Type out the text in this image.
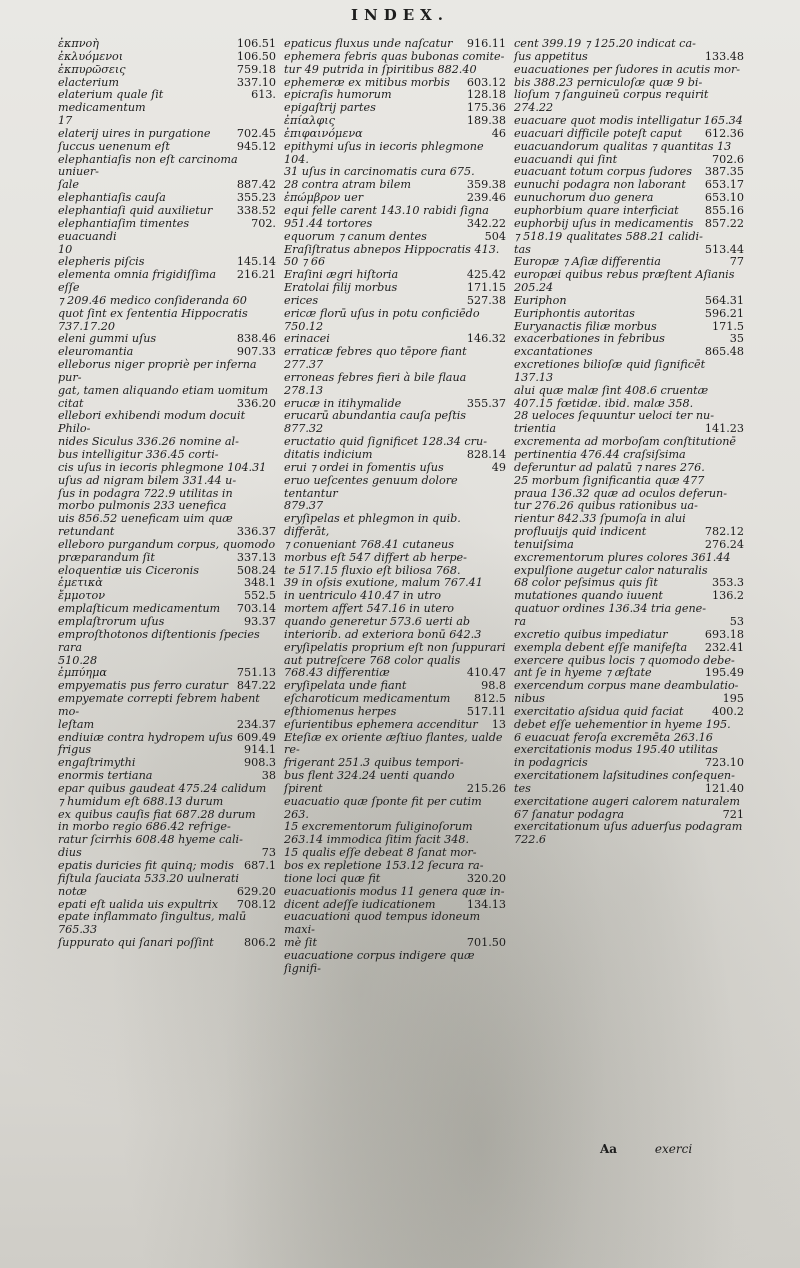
INDEX.
106.51
ἐκπνοὴ
106.50
ἐκλυόμενοι
759.18
ἐκπυρῶσεις
337.10
elacterium
613.
elaterium quale ſit medicamentum
17
702.45
elaterij uires in purgatione
945.12
ſuccus uenenum eſt
elephantiaſis non eſt carcinoma uniuer-
887.42
ſale
355.23
elephantiaſis cauſa
338.52
elephantiaſi quid auxilietur
702.
elephantiaſim timentes euacuandi
10
145.14
elepheris piſcis
216.21
elementa omnia frigidiſſima eſſe
⁊ 209.46 medico conſideranda 60
quot ſint ex ſententia Hippocratis
737.17.20
838.46
eleni gummi uſus
907.33
eleuromantia
elleborus niger propriè per inferna pur-
gat, tamen aliquando etiam uomitum
336.20
citat
ellebori exhibendi modum docuit Philo-
nides Siculus 336.26 nomine al-
bus intelligitur 336.45 corti-
cis uſus in iecoris phlegmone 104.31
uſus ad nigram bilem 331.44 u-
ſus in podagra 722.9 utilitas in
morbo pulmonis 233 uenefica
uis 856.52 ueneficam uim quæ
336.37
retundant
elleboro purgandum corpus, quomodo
337.13
præparandum ſit
508.24
eloquentiæ uis Ciceronis
348.1
ἐμετικὰ
552.5
ἔμμοτον
703.14
emplaſticum medicamentum
93.37
emplaſtrorum uſus
emproſthotonos diſtentionis ſpecies rara
510.28
751.13
ἐμπύημα
847.22
empyematis pus ferro curatur
empyemate correpti febrem habent mo-
234.37
leſtam
609.49
endiuiæ contra hydropem uſus
914.1
frigus
908.3
engaſtrimythi
38
enormis tertiana
epar quibus gaudeat 475.24 calidum
⁊ humidum eſt 688.13 durum
ex quibus cauſis fiat 687.28 durum
in morbo regio 686.42 refrige-
ratur ſcirrhis 608.48 hyeme cali-
73
dius
687.1
epatis duricies fit quinq; modis
fiſtula ſauciata 533.20 uulnerati
629.20
notæ
708.12
epati eſt ualida uis expultrix
epate inflammato ſingultus, malū 765.33
806.2
ſuppurato qui ſanari poſſint
916.11
epaticus fluxus unde naſcatur
ephemera febris quas bubonas comite-
tur 49 putrida in ſpiritibus 882.40
603.12
ephemeræ ex mitibus morbis
128.18
epicraſis humorum
175.36
epigaſtrij partes
189.38
ἐπίαλφις
46
ἐπιφαινόμενα
epithymi uſus in iecoris phlegmone 104.
31 uſus in carcinomatis cura 675.
359.38
28 contra atram bilem
239.46
ἐπώμβρον uer
equi felle carent 143.10 rabidi ſigna
342.22
951.44 tortores
504
equorum ⁊ canum dentes
Eraſiſtratus abnepos Hippocratis 413.
50 ⁊ 66
425.42
Eraſini ægri hiſtoria
171.15
Eratolai filij morbus
527.38
erices
ericæ florū uſus in potu conficiēdo 750.12
146.32
erinacei
erraticæ febres quo tēpore fiant 277.37
erroneas febres fieri à bile flaua 278.13
355.37
erucæ in itihymalide
erucarū abundantia cauſa peſtis 877.32
eructatio quid ſignificet 128.34 cru-
828.14
ditatis indicium
49
erui ⁊ ordei in fomentis uſus
eruo ueſcentes genuum dolore tentantur
879.37
eryſipelas et phlegmon in quib. differāt,
⁊ conueniant 768.41 cutaneus
morbus eſt 547 differt ab herpe-
te 517.15 fluxio eſt biliosa 768.
39 in oſsis exutione, malum 767.41
in uentriculo 410.47 in utro
mortem affert 547.16 in utero
quando generetur 573.6 uerti ab
interiorib. ad exteriora bonū 642.3
eryſipelatis proprium eſt non ſuppurari
aut putreſcere 768 color qualis
410.47
768.43 differentiæ
98.8
eryſipelata unde fiant
812.5
eſcharoticum medicamentum
517.11
eſthiomenus herpes
13
eſurientibus ephemera accenditur
Eteſiæ ex oriente æſtiuo flantes, ualde re-
frigerant 251.3 quibus tempori-
bus flent 324.24 uenti quando
215.26
ſpirent
euacuatio quæ ſponte fit per cutim 263.
15 excrementorum fuliginoſorum
263.14 immodica ſitim facit 348.
15 qualis eſſe debeat 8 ſanat mor-
bos ex repletione 153.12 ſecura ra-
320.20
tione loci quæ fit
euacuationis modus 11 genera quæ in-
134.13
dicent adeſſe iudicationem
euacuationi quod tempus idoneum maxi-
701.50
mè ſit
euacuatione corpus indigere quæ ſignifi-
cent 399.19 ⁊ 125.20 indicat ca-
133.48
ſus appetitus
euacuationes per ſudores in acutis mor-
bis 388.23 perniculoſæ quæ 9 bi-
lioſum ⁊ ſanguineū corpus requirit
274.22
euacuare quot modis intelligatur 165.34
612.36
euacuari difficile poteſt caput
euacuandorum qualitas ⁊ quantitas 13
702.6
euacuandi qui ſint
387.35
euacuant totum corpus ſudores
653.17
eunuchi podagra non laborant
653.10
eunuchorum duo genera
855.16
euphorbium quare interficiat
857.22
euphorbij uſus in medicamentis
⁊ 518.19 qualitates 588.21 calidi-
513.44
tas
77
Europæ ⁊ Aſiæ differentia
europæi quibus rebus præſtent Aſianis
205.24
564.31
Euriphon
596.21
Euriphontis autoritas
171.5
Euryanactis filiæ morbus
35
exacerbationes in febribus
865.48
excantationes
excretiones bilioſæ quid ſignificēt 137.13
alui quæ malæ ſint 408.6 cruentæ
407.15 fœtidæ. ibid. malæ 358.
28 ueloces ſequuntur ueloci ter nu-
141.23
trientia
excrementa ad morboſam conſtitutionē
pertinentia 476.44 craſsiſsima
deferuntur ad palatū ⁊ nares 276.
25 morbum ſignificantia quæ 477
praua 136.32 quæ ad oculos deferun-
tur 276.26 quibus rationibus ua-
rientur 842.33 ſpumoſa in alui
782.12
profluuijs quid indicent
276.24
tenuiſsima
excrementorum plures colores 361.44
expulſione augetur calor naturalis
353.3
68 color peſsimus quis ſit
136.2
mutationes quando iuuent
quatuor ordines 136.34 tria gene-
53
ra
693.18
excretio quibus impediatur
232.41
exempla debent eſſe manifeſta
exercere quibus locis ⁊ quomodo debe-
195.49
ant ſe in hyeme ⁊ æſtate
exercendum corpus mane deambulatio-
195
nibus
400.2
exercitatio aſsidua quid faciat
debet eſſe uehementior in hyeme 195.
6 euacuat feroſa excremēta 263.16
exercitationis modus 195.40 utilitas
723.10
in podagricis
exercitationem laſsitudines conſequen-
121.40
tes
exercitatione augeri calorem naturalem
721
67 ſanatur podagra
exercitationum uſus aduerſus podagram
722.6
Aa	exerci
